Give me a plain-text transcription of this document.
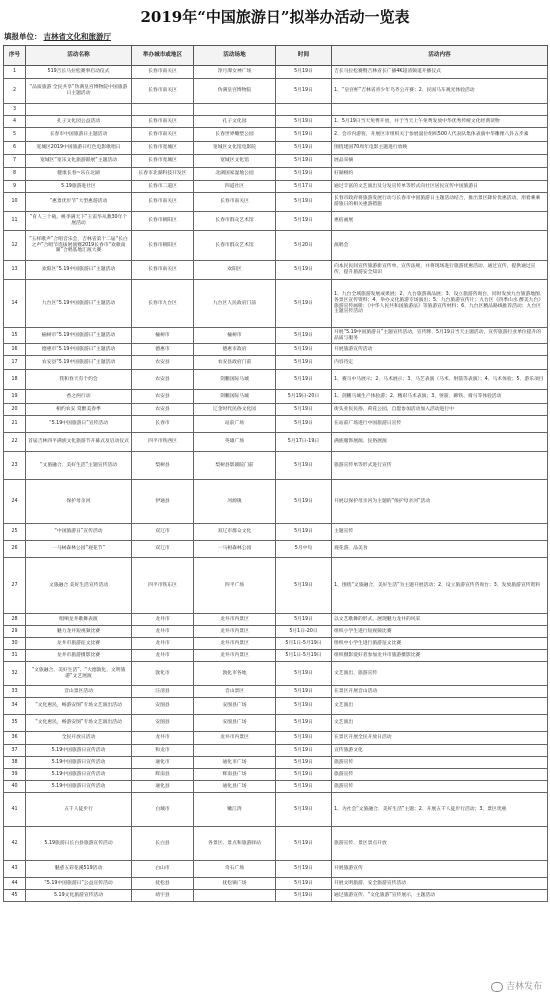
2019年“中国旅游日”拟举办活动一览表
填报单位： 吉林省文化和旅游厅
序号	活动名称	举办城市或地区	活动场地	时间	活动内容
1	519吉长马拉松赛事启动仪式	长春市南关区	净月潭女神广场	5月19日	吉长马拉松赛暨吉林省长广播4K超清频道开播仪式
2	“品质旅游 全民共享”伪满皇宫博物院中国旅游日主题活动	长春市南关区	伪满皇宫博物院	5月19日	1、“皇宫杯”吉林省青少年乌齐公开赛；2、民国马车观光体验活动
3					
4	孔子文化园公益活动	长春市南关区	孔子文化园	5月19日	1、5月19日当天免费开放，并于当天上午免费发放中华优秀传统文化经典读物
5	长春市中国旅游日主题活动	长春市南关区	长春世界雕塑公园	5月19日	2、会市内游客，开展区市组织关于参展量位组织500人代表队集体表演中华雕像八卦五步素
6	宽城区2019中国旅游日红色电影歌唱日	长春市宽城区	宽城区文化馆电影院	5月19日	围绕建国70周年电影主题进行放映
7	宽城区“宽乐文化旅游联展”主题活动	长春市宽城区	宽城区文化馆	5月19日	展品采摘
8	健康长春~乐在北湖	长春市北湖科技开发区	北湖国家湿地公园	5月19日	好湖相约
9	5.19旅游进社区	长春市二道区	四道社区	5月17日	通过丰富的文艺演出及分发宣传单等形式向社区居民宣传中国旅游日
10	“惠景优步节”大型惠游活动	长春市南关区	长春市南关区	5月19日	长春市政府将旅游发展行动与长春市中国旅游日主题活动结合，推出景区降价优惠活动，用着乘乘游旅日的相关惠游措施
11	“育人三十载，桃李满天下”王雷华从教30年个展活动	长春市朝阳区	长春市群众艺术馆	5月19日	惠宿画展
12	“五样歌声”合唱音乐会，吉林省第十二届“长白之声”合唱节选拔展演暨2019长春市“欢歌南湖”合唱基地汇演大赛	长春市朝阳区	长春市群众艺术馆	5月20日	演唱会
13	欢阳区“5.19中国旅游日”主题活动	长春市南关区	欢阳区	5月19日	向本民民间宣传旅游新宣传单，宣传法规，并将现场进行旅游优惠活动，通过宣传，提供通过宣传，提升旅游安全知识
14	九台区“5.19中国旅游日”主题活动	长春市九台区	九台区人民政府门前	5月19日	1、九台全域旅游发展成果展；2、九台旅游商品展；3、设立旅游咨询台，同时发放九台旅游地图、各景区宣传资料；4、举办文化旅游专场演出；5、九台旅游宣传片；九台区《四季山水 醉美九台》旅游宣传画册；《中华人民共和国旅游法》等旅游宣传材料；6、九台区精品路线推荐活动；九台区主题宣传活动
15	榆树市“5.19中国旅游日”主题活动	榆树市	榆树市	5月19日	开展“5.19中国旅游日”主题宣传活动，宣传牌、5月19日当天主题活动，宣传旅游行业单位提升的品质与服务
16	德惠市“5.19中国旅游日”主题活动	德惠市	德惠市政府	5月19日	开展旅游宣传活动
17	农安县“5.19中国旅游日”主题活动	农安县	农安县政府门前	5月19日	内容待定
18	我和春天有个约会	农安县	剑鹏国际马城	5月19日	1、赛马中马展示；2、马术展示；3、马艺表演（马术、射箭等表演）；4、马术体验；5、游乐项目
19	香之两行动	农安县	剑鹏国际马城	5月19日-20日	1、剑鹏马城生产体验游；2、精彩马术表演；3、射箭、蹄铁、骑马等体验活动
20	相约农安 赏醉美春季	农安县	辽金时代民俗文化园	5月19日	街头业民民俗、荷花公园、自愿参加活动加入活动进行中
21	“5.19中国旅游日”宣传活动	长春市	站前广场	5月19日	在站前广场进行中国旅游日宣传
22	首届吉林四平满族文化旅游节开幕式及启动仪式	四平市铁西区	英雄广场	5月17日-19日	满族服饰展演、民俗展演
23	“文旅融合、美好生活”主题宣传活动	梨树县	梨树县影剧院门前	5月19日	旅游宣传单等形式进行宣传
24	保护母亲河	伊通县	河源镇	5月19日	开展以保护母亲河为主题的“保护母亲河”活动
25	“中国旅游日”宣传活动	双辽市	双辽市群众文化	5月19日	主题宣传
26	一马树森林公园“观花节”	双辽市	一马树森林公园	5月中旬	观花游、品美食
27	文旅融合 美好生活宣传活动	四平市铁东区	四平广场	5月19日	1、围绕“文旅融合，美好生活”为主题开展活动；2、设立旅游宣传咨询台；3、发放旅游宣传资料
28	唱响龙井歌舞表演	龙井市	龙井市内景区	5月19日	以文艺歌舞的形式，展现魅力龙井的风采
29	魅力龙井短视频比赛	龙井市	龙井市内景区	5月1日-20日	组织小学生进行短视频比赛
30	龙井市旅游征文比赛	龙井市	龙井市内景区	5月1日-5月19日	组织中小学生进行旅游征文比赛
31	龙井市旅游摄影比赛	龙井市	龙井市内景区	5月1日-5月19日	组织摄影爱好者参加龙井市旅游摄影比赛
32	“文旅融合、美好生活”、“大德敦化、文明旅游”文艺展演	敦化市	敦化市各地	5月19日	文艺演出、旅游宣传
33	音山景区活动	汪清县	音山景区	5月19日	在景区开展音山活动
34	“文化惠民，畅游安图”专场文艺演出活动	安图县	安图县广场	5月19日	文艺演出
35	“文化惠民，畅游安图”专场文艺演出活动	安图县	安图县广场	5月19日	文艺演出
36	全民开放日活动	龙井市	龙井市内景区	5月19日	在景区开展全民开放日活动
37	5.19中国旅游日宣传活动	和龙市		5月19日	宣传旅游文化
38	5.19中国旅游日宣传活动	通化市	通化市广场	5月19日	旅游宣传
39	5.19中国旅游日宣传活动	辉南县	辉南县广场	5月19日	旅游宣传
40	5.19中国旅游日宣传活动	通化县	通化县广场	5月19日	旅游宣传
41	五千人徒步行	白城市	嫩江湾	5月19日	1、为社会“文旅融合、美好生活”主题；2、开展五千人徒步行活动；3、景区优惠
42	5.19旅游日长白县旅游宣传活动	长白县	各景区、景点和旅游驿站	5月19日	旅游宣传、景区景点开放
43	魅惑五彩花溪519活动	白山市	奇石广场	5月19日	开展旅游宣传
44	“5.19中国旅游日”公益宣传活动	抚松县	抚松镇广场	5月19日	开展文明旅游、安全旅游宣传活动
45	5.19文化旅游宣传活动	靖宇县		5月19日	通过旅游宣传、“文化旅游”宣传展示，主题活动
吉林发布
